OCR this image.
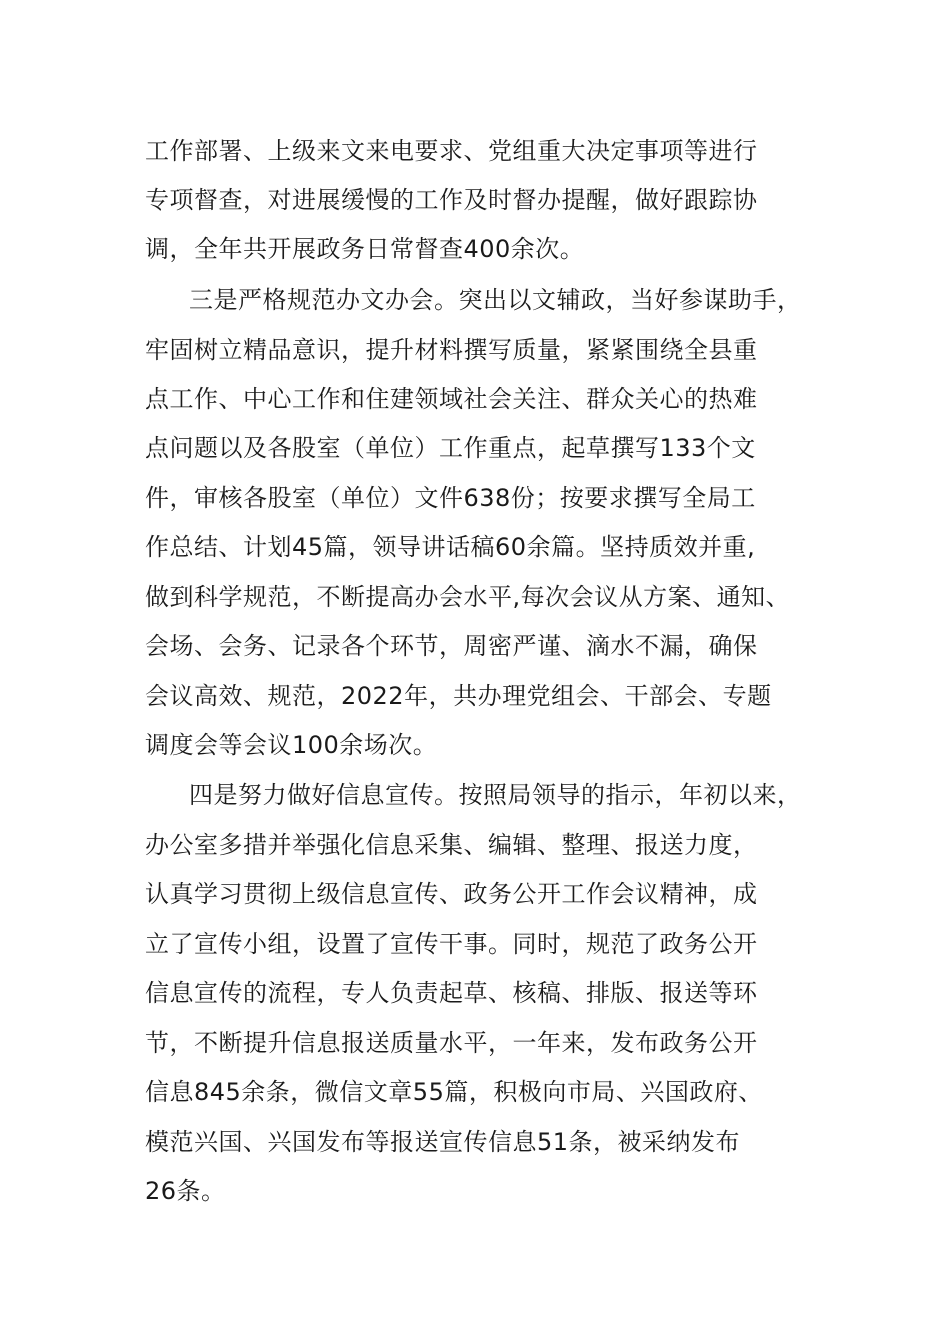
工作部署、上级来文来电要求、党组重大决定事项等进行
专项督查，对进展缓慢的工作及时督办提醒，做好跟踪协
调，全年共开展政务日常督查400余次。
三是严格规范办文办会。突出以文辅政，当好参谋助手，
牢固树立精品意识，提升材料撰写质量，紧紧围绕全县重
点工作、中心工作和住建领域社会关注、群众关心的热难
点问题以及各股室（单位）工作重点，起草撰写133个文
件，审核各股室（单位）文件638份；按要求撰写全局工
作总结、计划45篇，领导讲话稿60余篇。坚持质效并重,
做到科学规范，不断提高办会水平,每次会议从方案、通知、
会场、会务、记录各个环节，周密严谨、滴水不漏，确保
会议高效、规范，2022年，共办理党组会、干部会、专题
调度会等会议100余场次。
四是努力做好信息宣传。按照局领导的指示，年初以来，
办公室多措并举强化信息采集、编辑、整理、报送力度，
认真学习贯彻上级信息宣传、政务公开工作会议精神，成
立了宣传小组，设置了宣传干事。同时，规范了政务公开
信息宣传的流程，专人负责起草、核稿、排版、报送等环
节，不断提升信息报送质量水平，一年来，发布政务公开
信息845余条，微信文章55篇，积极向市局、兴国政府、
模范兴国、兴国发布等报送宣传信息51条，被采纳发布
26条。
